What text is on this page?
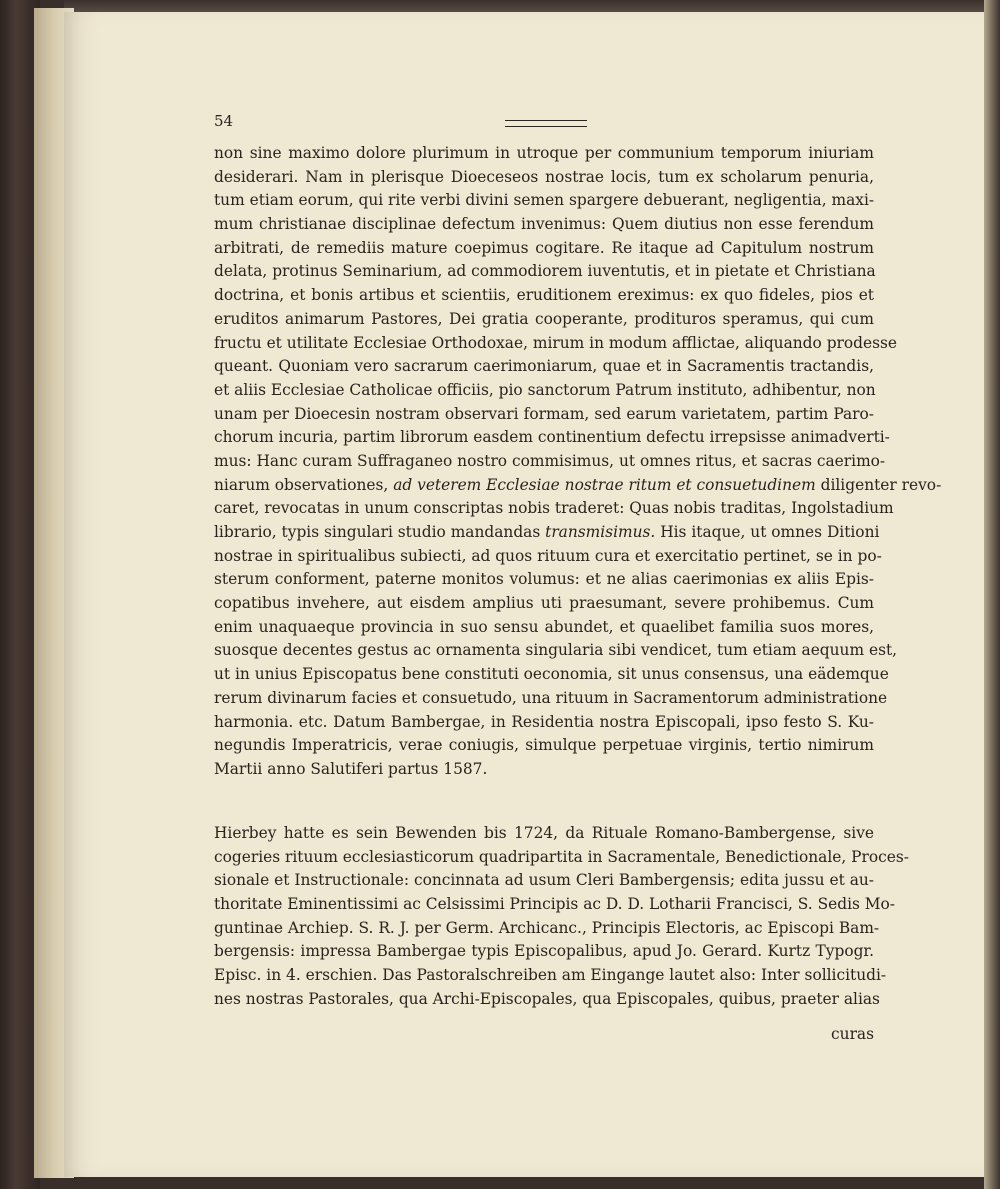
54
non sine maximo dolore plurimum in utroque per communium temporum iniuriam
desiderari. Nam in plerisque Dioeceseos nostrae locis, tum ex scholarum penuria,
tum etiam eorum, qui rite verbi divini semen spargere debuerant, negligentia, maxi-
mum christianae disciplinae defectum invenimus: Quem diutius non esse ferendum
arbitrati, de remediis mature coepimus cogitare. Re itaque ad Capitulum nostrum
delata, protinus Seminarium, ad commodiorem iuventutis, et in pietate et Christiana
doctrina, et bonis artibus et scientiis, eruditionem ereximus: ex quo fideles, pios et
eruditos animarum Pastores, Dei gratia cooperante, prodituros speramus, qui cum
fructu et utilitate Ecclesiae Orthodoxae, mirum in modum afflictae, aliquando prodesse
queant. Quoniam vero sacrarum caerimoniarum, quae et in Sacramentis tractandis,
et aliis Ecclesiae Catholicae officiis, pio sanctorum Patrum instituto, adhibentur, non
unam per Dioecesin nostram observari formam, sed earum varietatem, partim Paro-
chorum incuria, partim librorum easdem continentium defectu irrepsisse animadverti-
mus: Hanc curam Suffraganeo nostro commisimus, ut omnes ritus, et sacras caerimo-
niarum observationes, ad veterem Ecclesiae nostrae ritum et consuetudinem diligenter revo-
caret, revocatas in unum conscriptas nobis traderet: Quas nobis traditas, Ingolstadium
librario, typis singulari studio mandandas transmisimus. His itaque, ut omnes Ditioni
nostrae in spiritualibus subiecti, ad quos rituum cura et exercitatio pertinet, se in po-
sterum conforment, paterne monitos volumus: et ne alias caerimonias ex aliis Epis-
copatibus invehere, aut eisdem amplius uti praesumant, severe prohibemus. Cum
enim unaquaeque provincia in suo sensu abundet, et quaelibet familia suos mores,
suosque decentes gestus ac ornamenta singularia sibi vendicet, tum etiam aequum est,
ut in unius Episcopatus bene constituti oeconomia, sit unus consensus, una eädemque
rerum divinarum facies et consuetudo, una rituum in Sacramentorum administratione
harmonia. etc. Datum Bambergae, in Residentia nostra Episcopali, ipso festo S. Ku-
negundis Imperatricis, verae coniugis, simulque perpetuae virginis, tertio nimirum
Martii anno Salutiferi partus 1587.
Hierbey hatte es sein Bewenden bis 1724, da Rituale Romano-Bambergense, sive
cogeries rituum ecclesiasticorum quadripartita in Sacramentale, Benedictionale, Proces-
sionale et Instructionale: concinnata ad usum Cleri Bambergensis; edita jussu et au-
thoritate Eminentissimi ac Celsissimi Principis ac D. D. Lotharii Francisci, S. Sedis Mo-
guntinae Archiep. S. R. J. per Germ. Archicanc., Principis Electoris, ac Episcopi Bam-
bergensis: impressa Bambergae typis Episcopalibus, apud Jo. Gerard. Kurtz Typogr.
Episc. in 4. erschien. Das Pastoralschreiben am Eingange lautet also: Inter sollicitudi-
nes nostras Pastorales, qua Archi-Episcopales, qua Episcopales, quibus, praeter alias
curas
